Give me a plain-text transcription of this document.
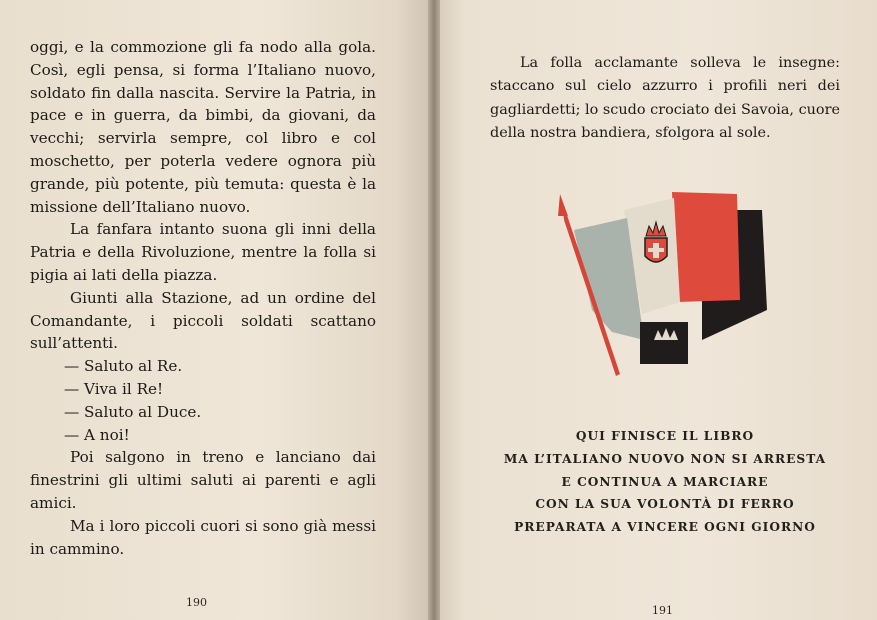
oggi, e la commozione gli fa nodo alla gola. Così, egli pensa, si forma l’Italiano nuovo, soldato fin dalla nascita. Servire la Patria, in pace e in guerra, da bimbi, da giovani, da vecchi; servirla sempre, col libro e col moschetto, per poterla vedere ognora più grande, più potente, più temuta: questa è la missione dell’Italiano nuovo.

La fanfara intanto suona gli inni della Patria e della Rivoluzione, mentre la folla si pigia ai lati della piazza.

Giunti alla Stazione, ad un ordine del Comandante, i piccoli soldati scattano sull’attenti.

— Saluto al Re.

— Viva il Re!

— Saluto al Duce.

— A noi!

Poi salgono in treno e lanciano dai finestrini gli ultimi saluti ai parenti e agli amici.

Ma i loro piccoli cuori si sono già messi in cammino.

190

La folla acclamante solleva le insegne: staccano sul cielo azzurro i profili neri dei gagliardetti; lo scudo crociato dei Savoia, cuore della nostra bandiera, sfolgora al sole.

QUI FINISCE IL LIBRO
MA L’ITALIANO NUOVO NON SI ARRESTA
E CONTINUA A MARCIARE
CON LA SUA VOLONTÀ DI FERRO
PREPARATA A VINCERE OGNI GIORNO
191
